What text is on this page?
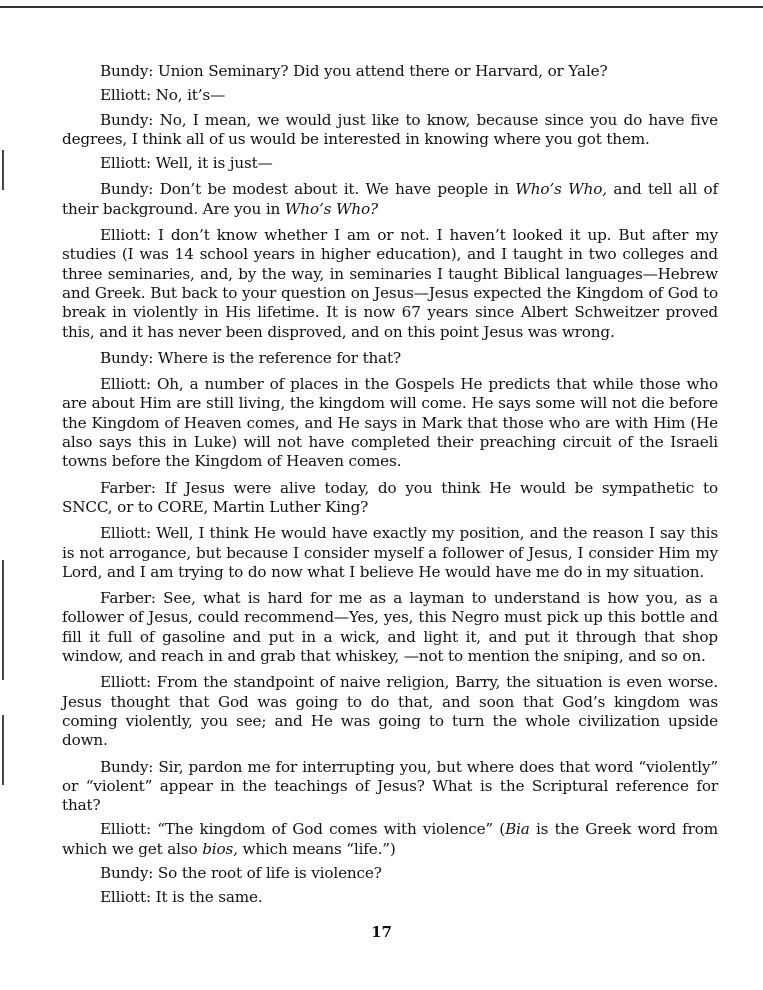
Bundy: Union Seminary? Did you attend there or Harvard, or Yale?

Elliott: No, it’s—

Bundy: No, I mean, we would just like to know, because since you do have five degrees, I think all of us would be interested in knowing where you got them.

Elliott: Well, it is just—

Bundy: Don’t be modest about it. We have people in Who’s Who, and tell all of their background. Are you in Who’s Who?

Elliott: I don’t know whether I am or not. I haven’t looked it up. But after my studies (I was 14 school years in higher education), and I taught in two colleges and three seminaries, and, by the way, in seminaries I taught Biblical languages—Hebrew and Greek. But back to your question on Jesus—Jesus expected the Kingdom of God to break in violently in His lifetime. It is now 67 years since Albert Schweitzer proved this, and it has never been disproved, and on this point Jesus was wrong.

Bundy: Where is the reference for that?

Elliott: Oh, a number of places in the Gospels He predicts that while those who are about Him are still living, the kingdom will come. He says some will not die before the Kingdom of Heaven comes, and He says in Mark that those who are with Him (He also says this in Luke) will not have completed their preaching circuit of the Israeli towns before the Kingdom of Heaven comes.

Farber: If Jesus were alive today, do you think He would be sympathetic to SNCC, or to CORE, Martin Luther King?

Elliott: Well, I think He would have exactly my position, and the reason I say this is not arrogance, but because I consider myself a follower of Jesus, I consider Him my Lord, and I am trying to do now what I believe He would have me do in my situation.

Farber: See, what is hard for me as a layman to understand is how you, as a follower of Jesus, could recommend—Yes, yes, this Negro must pick up this bottle and fill it full of gasoline and put in a wick, and light it, and put it through that shop window, and reach in and grab that whiskey, —not to mention the sniping, and so on.

Elliott: From the standpoint of naive religion, Barry, the situation is even worse. Jesus thought that God was going to do that, and soon that God’s kingdom was coming violently, you see; and He was going to turn the whole civilization upside down.

Bundy: Sir, pardon me for interrupting you, but where does that word “violently” or “violent” appear in the teachings of Jesus? What is the Scriptural reference for that?

Elliott: “The kingdom of God comes with violence” (Bia is the Greek word from which we get also bios, which means “life.”)

Bundy: So the root of life is violence?

Elliott: It is the same.

17
